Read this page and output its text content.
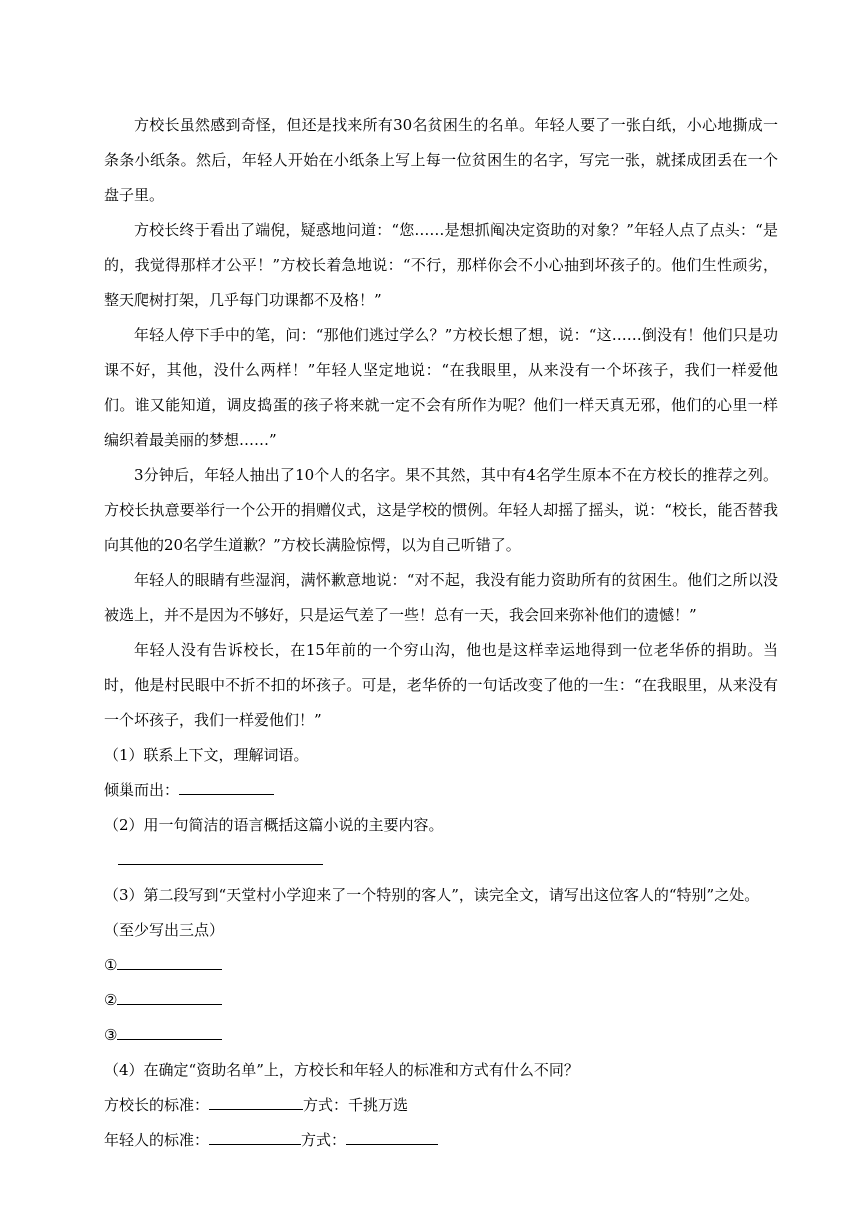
方校长虽然感到奇怪，但还是找来所有30名贫困生的名单。年轻人要了一张白纸，小心地撕成一条条小纸条。然后，年轻人开始在小纸条上写上每一位贫困生的名字，写完一张，就揉成团丢在一个盘子里。

方校长终于看出了端倪，疑惑地问道：“您……是想抓阄决定资助的对象？”年轻人点了点头：“是的，我觉得那样才公平！”方校长着急地说：“不行，那样你会不小心抽到坏孩子的。他们生性顽劣，整天爬树打架，几乎每门功课都不及格！”

年轻人停下手中的笔，问：“那他们逃过学么？”方校长想了想，说：“这……倒没有！他们只是功课不好，其他，没什么两样！”年轻人坚定地说：“在我眼里，从来没有一个坏孩子，我们一样爱他们。谁又能知道，调皮捣蛋的孩子将来就一定不会有所作为呢？他们一样天真无邪，他们的心里一样编织着最美丽的梦想……”

3分钟后，年轻人抽出了10个人的名字。果不其然，其中有4名学生原本不在方校长的推荐之列。方校长执意要举行一个公开的捐赠仪式，这是学校的惯例。年轻人却摇了摇头，说：“校长，能否替我向其他的20名学生道歉？”方校长满脸惊愕，以为自己听错了。

年轻人的眼睛有些湿润，满怀歉意地说：“对不起，我没有能力资助所有的贫困生。他们之所以没被选上，并不是因为不够好，只是运气差了一些！总有一天，我会回来弥补他们的遗憾！”

年轻人没有告诉校长，在15年前的一个穷山沟，他也是这样幸运地得到一位老华侨的捐助。当时，他是村民眼中不折不扣的坏孩子。可是，老华侨的一句话改变了他的一生：“在我眼里，从来没有一个坏孩子，我们一样爱他们！”

（1）联系上下文，理解词语。

倾巢而出：

（2）用一句简洁的语言概括这篇小说的主要内容。

（3）第二段写到“天堂村小学迎来了一个特别的客人”，读完全文，请写出这位客人的“特别”之处。（至少写出三点）

①

②

③

（4）在确定“资助名单”上，方校长和年轻人的标准和方式有什么不同？

方校长的标准：	方式：千挑万选

年轻人的标准：	方式：
